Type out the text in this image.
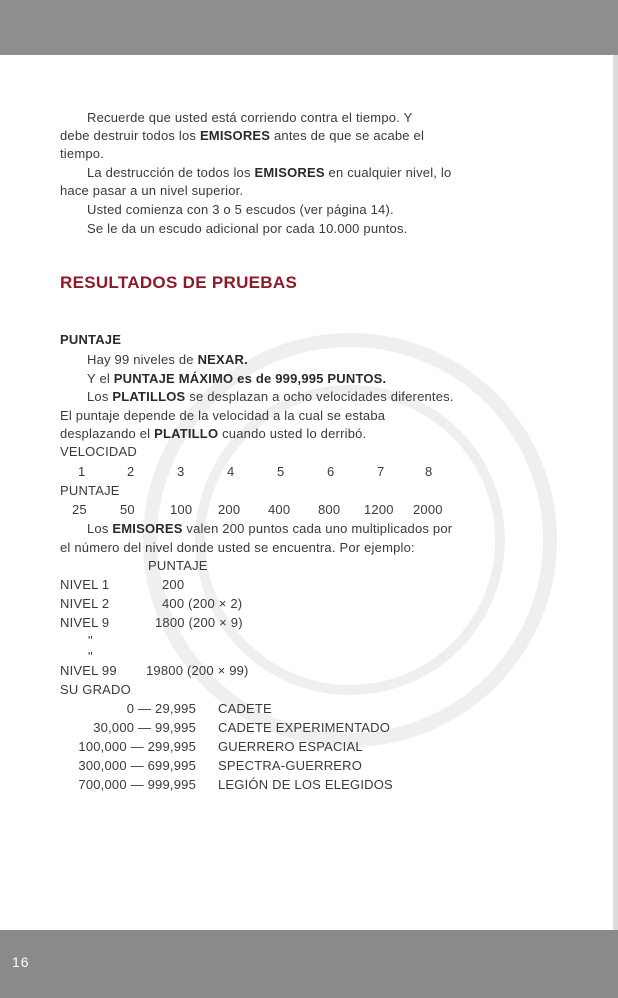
Recuerde que usted está corriendo contra el tiempo. Y
debe destruir todos los EMISORES antes de que se acabe el
tiempo.
La destrucción de todos los EMISORES en cualquier nivel, lo
hace pasar a un nivel superior.
Usted comienza con 3 o 5 escudos (ver página 14).
Se le da un escudo adicional por cada 10.000 puntos.
RESULTADOS DE PRUEBAS
PUNTAJE
Hay 99 niveles de NEXAR.
Y el PUNTAJE MÁXIMO es de 999,995 PUNTOS.
Los PLATILLOS se desplazan a ocho velocidades diferentes.
El puntaje depende de la velocidad a la cual se estaba
desplazando el PLATILLO cuando usted lo derribó.
VELOCIDAD
1	2	3	4	5	6	7	8
PUNTAJE
25	50	100 200 400 800 1200 2000
Los EMISORES valen 200 puntos cada uno multiplicados por
el número del nivel donde usted se encuentra. Por ejemplo:
PUNTAJE
NIVEL 1	200
NIVEL 2	400 (200 × 2)
NIVEL 9	1800 (200 × 9)
"
"
NIVEL 99 19800 (200 × 99)
SU GRADO
0 — 29,995 CADETE
30,000 — 99,995 CADETE EXPERIMENTADO
100,000 — 299,995 GUERRERO ESPACIAL
300,000 — 699,995 SPECTRA-GUERRERO
700,000 — 999,995 LEGIÓN DE LOS ELEGIDOS
16
